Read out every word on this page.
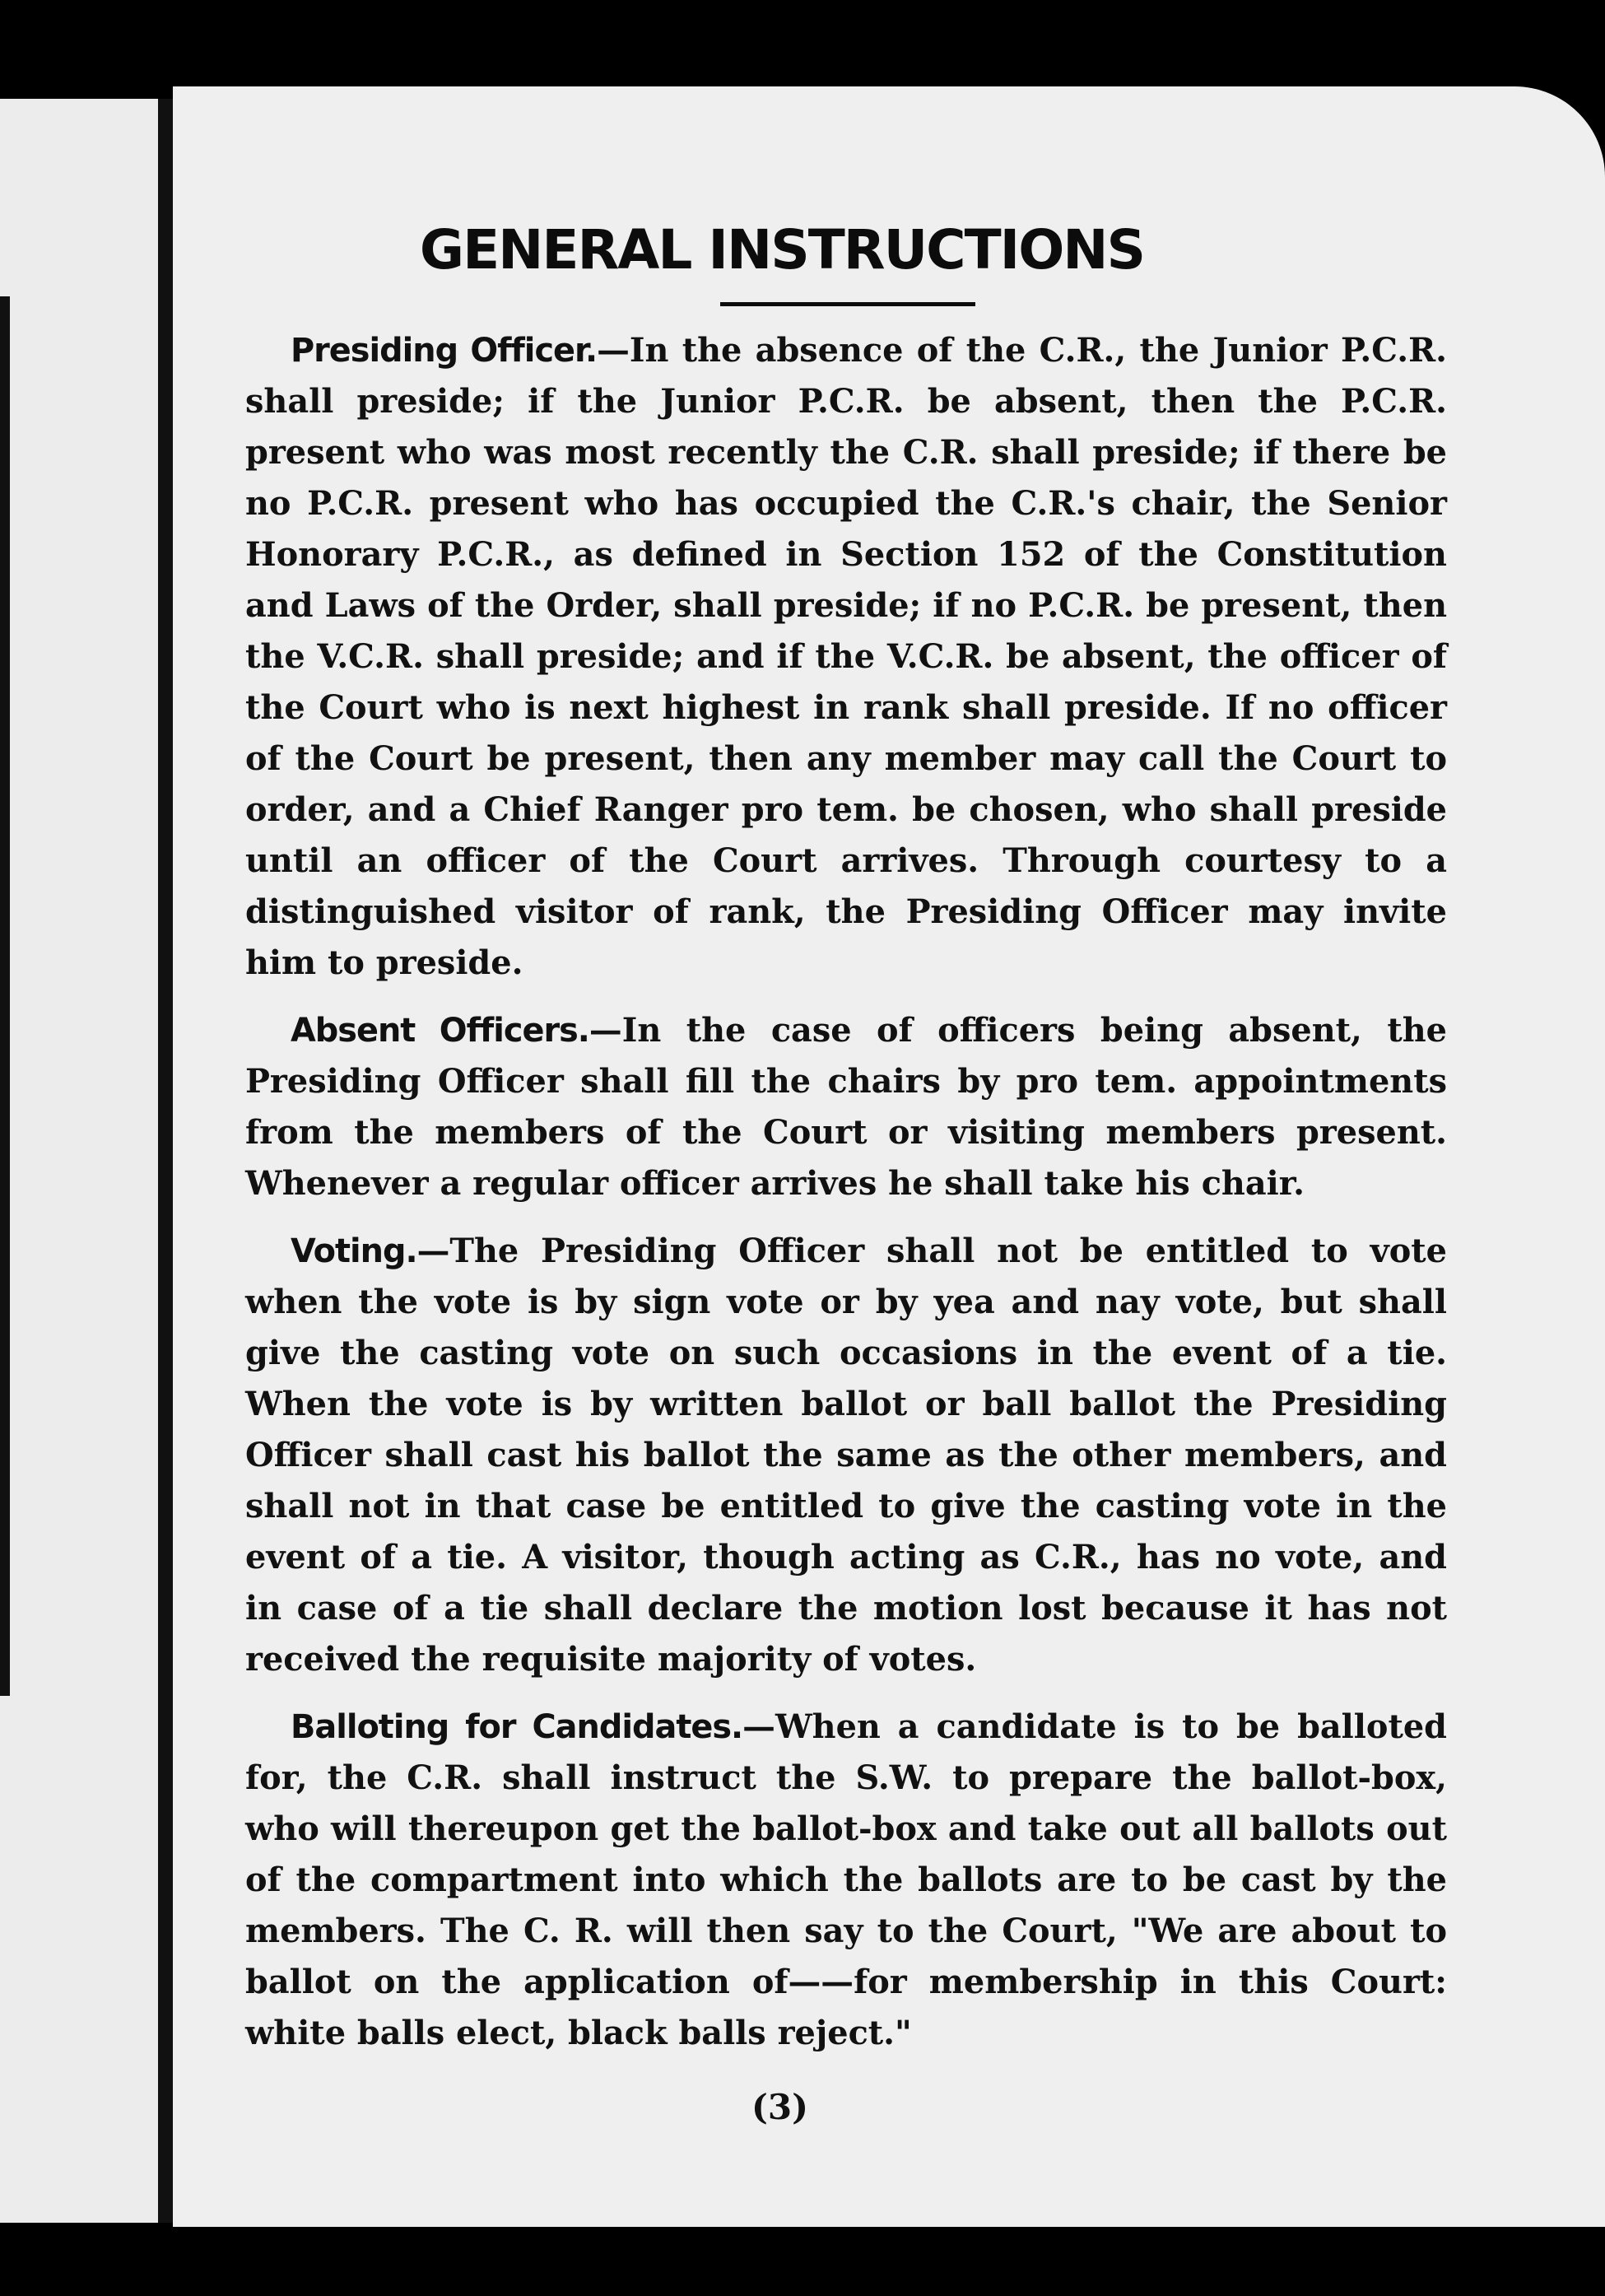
GENERAL INSTRUCTIONS

Presiding Officer.—In the absence of the C.R., the Junior P.C.R. shall preside; if the Junior P.C.R. be absent, then the P.C.R. present who was most recently the C.R. shall preside; if there be no P.C.R. present who has occupied the C.R.'s chair, the Senior Honorary P.C.R., as defined in Section 152 of the Constitution and Laws of the Order, shall preside; if no P.C.R. be present, then the V.C.R. shall preside; and if the V.C.R. be absent, the officer of the Court who is next highest in rank shall preside. If no officer of the Court be present, then any member may call the Court to order, and a Chief Ranger pro tem. be chosen, who shall preside until an officer of the Court arrives. Through courtesy to a distinguished visitor of rank, the Presiding Officer may invite him to preside.

Absent Officers.—In the case of officers being absent, the Presiding Officer shall fill the chairs by pro tem. appointments from the members of the Court or visiting members present. Whenever a regular officer arrives he shall take his chair.

Voting.—The Presiding Officer shall not be entitled to vote when the vote is by sign vote or by yea and nay vote, but shall give the casting vote on such occasions in the event of a tie. When the vote is by written ballot or ball ballot the Presiding Officer shall cast his ballot the same as the other members, and shall not in that case be entitled to give the casting vote in the event of a tie. A visitor, though acting as C.R., has no vote, and in case of a tie shall declare the motion lost because it has not received the requisite majority of votes.

Balloting for Candidates.—When a candidate is to be balloted for, the C.R. shall instruct the S.W. to prepare the ballot-box, who will thereupon get the ballot-box and take out all ballots out of the compartment into which the ballots are to be cast by the members. The C. R. will then say to the Court, "We are about to ballot on the application of——for membership in this Court: white balls elect, black balls reject."

(3)
